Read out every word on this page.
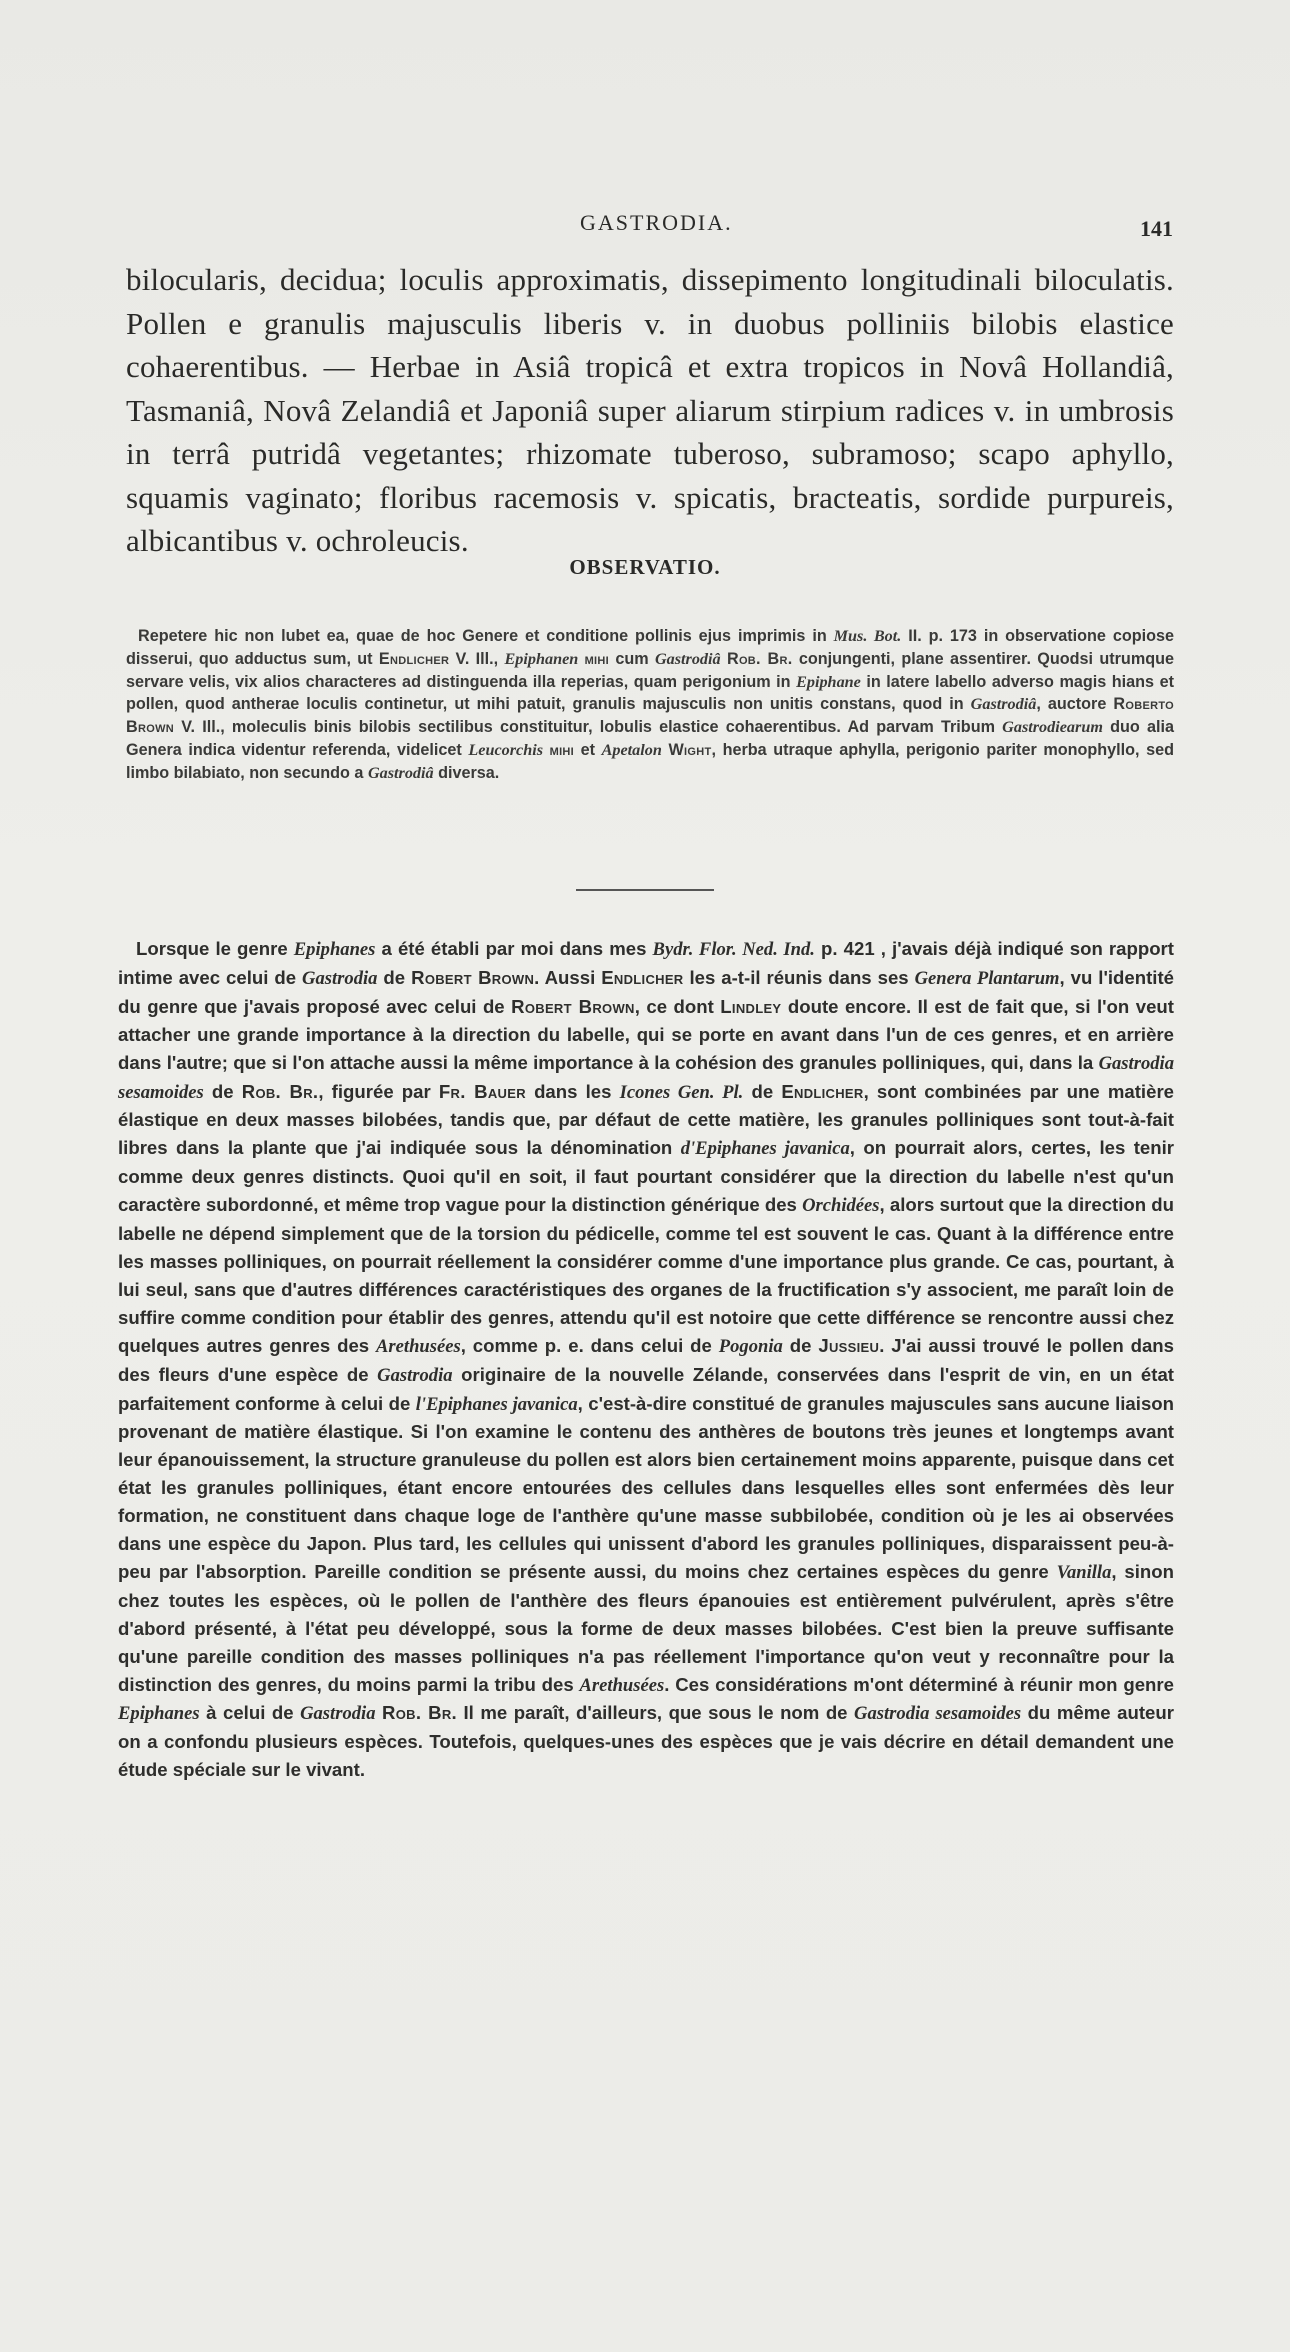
GASTRODIA.	141
bilocularis, decidua; loculis approximatis, dissepimento longitudinali biloculatis. Pollen e granulis majusculis liberis v. in duobus polliniis bilobis elastice cohaerentibus. — Herbae in Asiâ tropicâ et extra tropicos in Novâ Hollandiâ, Tasmaniâ, Novâ Zelandiâ et Japoniâ super aliarum stirpium radices v. in umbrosis in terrâ putridâ vegetantes; rhizomate tuberoso, subramoso; scapo aphyllo, squamis vaginato; floribus racemosis v. spicatis, bracteatis, sordide purpureis, albicantibus v. ochroleucis.
OBSERVATIO.

Repetere hic non lubet ea, quae de hoc Genere et conditione pollinis ejus imprimis in Mus. Bot. II. p. 173 in observatione copiose disserui, quo adductus sum, ut Endlicher V. Ill., Epiphanen mihi cum Gastrodiâ Rob. Br. conjungenti, plane assentirer. Quodsi utrumque servare velis, vix alios characteres ad distinguenda illa reperias, quam perigonium in Epiphane in latere labello adverso magis hians et pollen, quod antherae loculis continetur, ut mihi patuit, granulis majusculis non unitis constans, quod in Gastrodiâ, auctore Roberto Brown V. Ill., moleculis binis bilobis sectilibus constituitur, lobulis elastice cohaerentibus. Ad parvam Tribum Gastrodiearum duo alia Genera indica videntur referenda, videlicet Leucorchis mihi et Apetalon Wight, herba utraque aphylla, perigonio pariter monophyllo, sed limbo bilabiato, non secundo a Gastrodiâ diversa.

Lorsque le genre Epiphanes a été établi par moi dans mes Bydr. Flor. Ned. Ind. p. 421 , j'avais déjà indiqué son rapport intime avec celui de Gastrodia de Robert Brown. Aussi Endlicher les a-t-il réunis dans ses Genera Plantarum, vu l'identité du genre que j'avais proposé avec celui de Robert Brown, ce dont Lindley doute encore. Il est de fait que, si l'on veut attacher une grande importance à la direction du labelle, qui se porte en avant dans l'un de ces genres, et en arrière dans l'autre; que si l'on attache aussi la même importance à la cohésion des granules polliniques, qui, dans la Gastrodia sesamoides de Rob. Br., figurée par Fr. Bauer dans les Icones Gen. Pl. de Endlicher, sont combinées par une matière élastique en deux masses bilobées, tandis que, par défaut de cette matière, les granules polliniques sont tout-à-fait libres dans la plante que j'ai indiquée sous la dénomination d'Epiphanes javanica, on pourrait alors, certes, les tenir comme deux genres distincts. Quoi qu'il en soit, il faut pourtant considérer que la direction du labelle n'est qu'un caractère subordonné, et même trop vague pour la distinction générique des Orchidées, alors surtout que la direction du labelle ne dépend simplement que de la torsion du pédicelle, comme tel est souvent le cas. Quant à la différence entre les masses polliniques, on pourrait réellement la considérer comme d'une importance plus grande. Ce cas, pourtant, à lui seul, sans que d'autres différences caractéristiques des organes de la fructification s'y associent, me paraît loin de suffire comme condition pour établir des genres, attendu qu'il est notoire que cette différence se rencontre aussi chez quelques autres genres des Arethusées, comme p. e. dans celui de Pogonia de Jussieu. J'ai aussi trouvé le pollen dans des fleurs d'une espèce de Gastrodia originaire de la nouvelle Zélande, conservées dans l'esprit de vin, en un état parfaitement conforme à celui de l'Epiphanes javanica, c'est-à-dire constitué de granules majuscules sans aucune liaison provenant de matière élastique. Si l'on examine le contenu des anthères de boutons très jeunes et longtemps avant leur épanouissement, la structure granuleuse du pollen est alors bien certainement moins apparente, puisque dans cet état les granules polliniques, étant encore entourées des cellules dans lesquelles elles sont enfermées dès leur formation, ne constituent dans chaque loge de l'anthère qu'une masse subbilobée, condition où je les ai observées dans une espèce du Japon. Plus tard, les cellules qui unissent d'abord les granules polliniques, disparaissent peu-à-peu par l'absorption. Pareille condition se présente aussi, du moins chez certaines espèces du genre Vanilla, sinon chez toutes les espèces, où le pollen de l'anthère des fleurs épanouies est entièrement pulvérulent, après s'être d'abord présenté, à l'état peu développé, sous la forme de deux masses bilobées. C'est bien la preuve suffisante qu'une pareille condition des masses polliniques n'a pas réellement l'importance qu'on veut y reconnaître pour la distinction des genres, du moins parmi la tribu des Arethusées. Ces considérations m'ont déterminé à réunir mon genre Epiphanes à celui de Gastrodia Rob. Br. Il me paraît, d'ailleurs, que sous le nom de Gastrodia sesamoides du même auteur on a confondu plusieurs espèces. Toutefois, quelques-unes des espèces que je vais décrire en détail demandent une étude spéciale sur le vivant.
